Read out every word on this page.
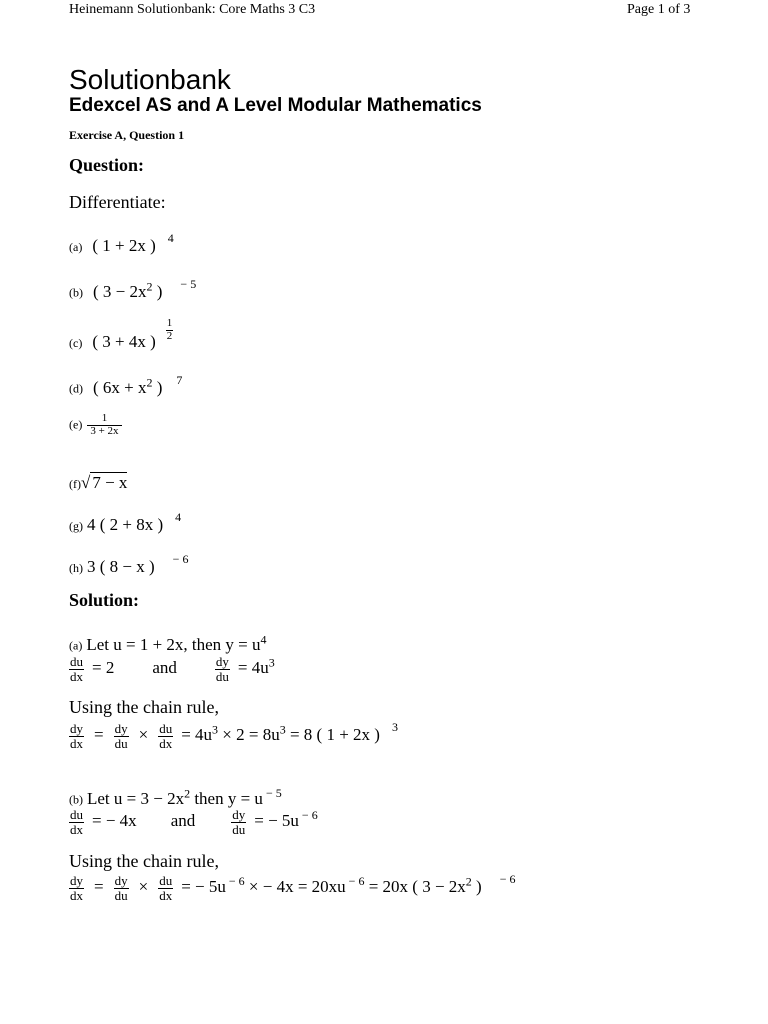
Heinemann Solutionbank: Core Maths 3 C3	Page 1 of 3
Solutionbank
Edexcel AS and A Level Modular Mathematics
Exercise A, Question 1
Question:
Differentiate:
(a) ( 1 + 2x ) $^4$
(b) ( $3 - 2x^2$ ) $^{- 5}$
$_{(c)}$ ( 3 + 4x ) $\frac{1}{2}$
(d) ( $6x + x^2$ ) $^7$
$(e) \frac{1}{3 + 2x}$
(f)√ 7 − x
(g) 4 ( 2 + 8x ) $^4$
(h) 3 ( 8 − x ) $^{- 6}$
Solution:
(a) Let u = 1 + 2x, then $y = u^4$
$\frac{du}{dx} = 2$ and	$\frac{dy}{du} = 4u^3$
Using the chain rule,
$\frac{dy}{dx} = \frac{dy}{du} \times \frac{du}{dx} = 4u^3 \times 2 = 8u^3 = 8$ ( 1 + 2x ) $^3$
(b) Let $u = 3 - 2x^2$ then y = u $^{- 5}$
$\frac{du}{dx}$ = − 4x and	$\frac{dy}{du}$ = − 5u $^{- 6}$
Using the chain rule,
$\frac{dy}{dx} = \frac{dy}{du} \times \frac{du}{dx}$ = − 5u $^{- 6}$ × − 4x = 20xu $^{- 6}$ = 20x ( $3 - 2x^2$ ) $^{- 6}$
